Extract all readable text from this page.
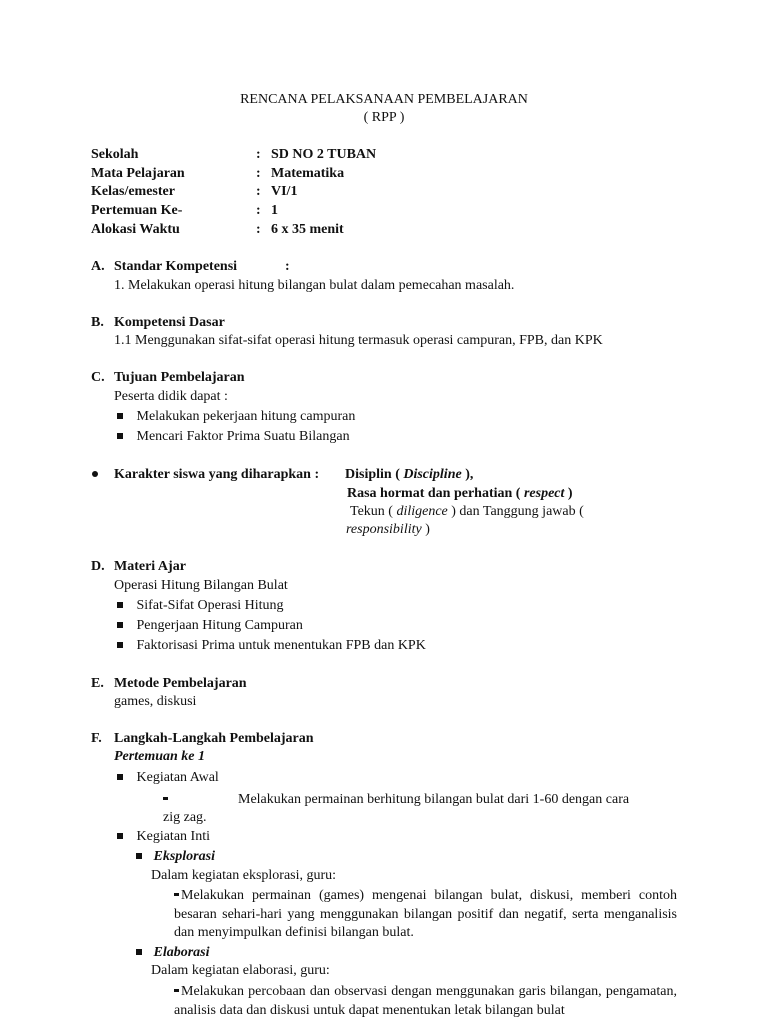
RENCANA PELAKSANAAN PEMBELAJARAN
( RPP )
Sekolah	: SD NO 2 TUBAN
Mata Pelajaran	: Matematika
Kelas/emester	: VI/1
Pertemuan Ke-	: 1
Alokasi Waktu	: 6 x 35 menit
A. Standar Kompetensi	:
1. Melakukan operasi hitung bilangan bulat dalam pemecahan masalah.
B. Kompetensi Dasar
1.1 Menggunakan sifat-sifat operasi hitung termasuk operasi campuran, FPB, dan KPK
C. Tujuan Pembelajaran
Peserta didik dapat :
Melakukan pekerjaan hitung campuran
Mencari Faktor Prima Suatu Bilangan
Karakter siswa yang diharapkan : Disiplin ( Discipline ),
Rasa hormat dan perhatian ( respect )
Tekun ( diligence ) dan Tanggung jawab (
responsibility )
D. Materi Ajar
Operasi Hitung Bilangan Bulat
Sifat-Sifat Operasi Hitung
Pengerjaan Hitung Campuran
Faktorisasi Prima untuk menentukan FPB dan KPK
E. Metode Pembelajaran
games, diskusi
F. Langkah-Langkah Pembelajaran
Pertemuan ke 1
Kegiatan Awal
Melakukan permainan berhitung bilangan bulat dari 1-60 dengan cara
zig zag.
Kegiatan Inti
Eksplorasi
Dalam kegiatan eksplorasi, guru:
Melakukan permainan (games) mengenai bilangan bulat, diskusi, memberi contoh besaran sehari-hari yang menggunakan bilangan positif dan negatif, serta menganalisis dan menyimpulkan definisi bilangan bulat.
Elaborasi
Dalam kegiatan elaborasi, guru:
Melakukan percobaan dan observasi dengan menggunakan garis bilangan, pengamatan, analisis data dan diskusi untuk dapat menentukan letak bilangan bulat
